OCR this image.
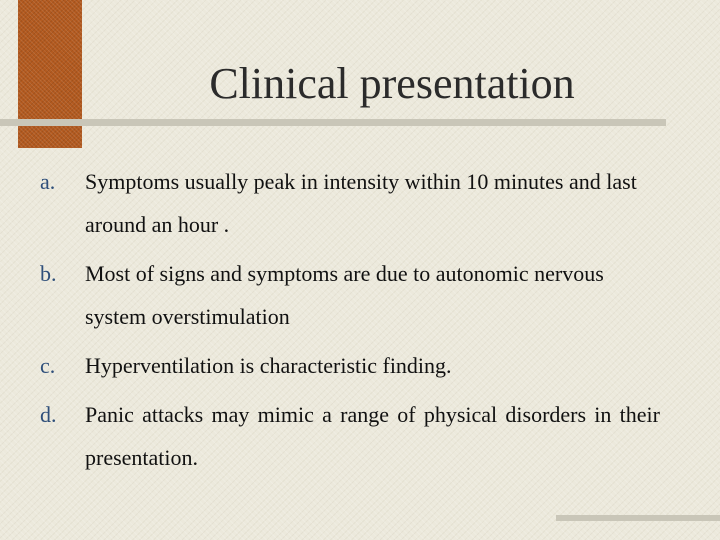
Clinical presentation
a.	Symptoms usually peak in intensity within 10 minutes and last around an hour .
b.	Most of signs and symptoms are due to autonomic nervous system overstimulation
c.	Hyperventilation is characteristic finding.
d.	Panic attacks may mimic a range of physical disorders in their presentation.
